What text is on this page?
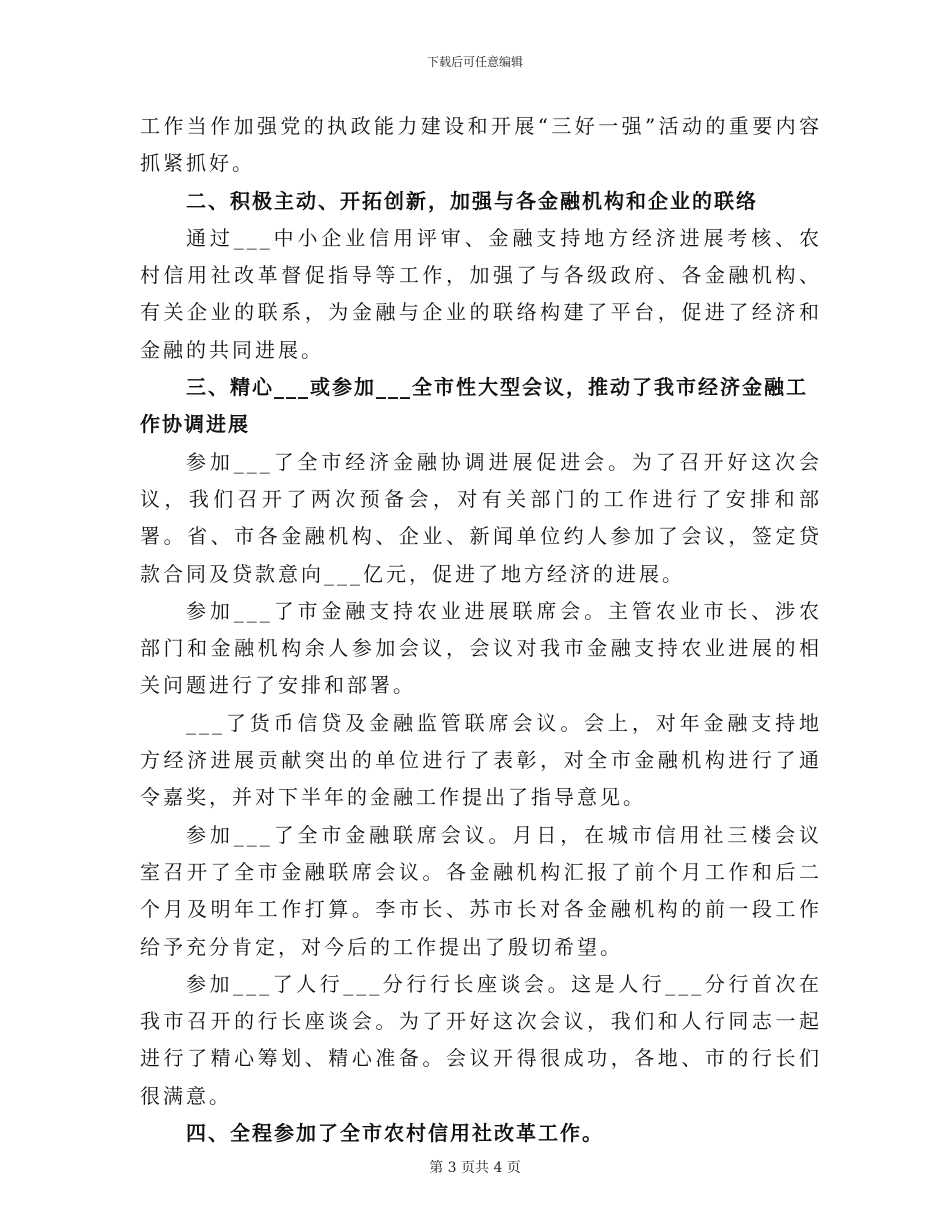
下载后可任意编辑

工作当作加强党的执政能力建设和开展“三好一强”活动的重要内容抓紧抓好。

二、积极主动、开拓创新，加强与各金融机构和企业的联络

通过___中小企业信用评审、金融支持地方经济进展考核、农村信用社改革督促指导等工作，加强了与各级政府、各金融机构、有关企业的联系，为金融与企业的联络构建了平台，促进了经济和金融的共同进展。

三、精心___或参加___全市性大型会议，推动了我市经济金融工作协调进展

参加___了全市经济金融协调进展促进会。为了召开好这次会议，我们召开了两次预备会，对有关部门的工作进行了安排和部署。省、市各金融机构、企业、新闻单位约人参加了会议，签定贷款合同及贷款意向___亿元，促进了地方经济的进展。

参加___了市金融支持农业进展联席会。主管农业市长、涉农部门和金融机构余人参加会议，会议对我市金融支持农业进展的相关问题进行了安排和部署。

___了货币信贷及金融监管联席会议。会上，对年金融支持地方经济进展贡献突出的单位进行了表彰，对全市金融机构进行了通令嘉奖，并对下半年的金融工作提出了指导意见。

参加___了全市金融联席会议。月日，在城市信用社三楼会议室召开了全市金融联席会议。各金融机构汇报了前个月工作和后二个月及明年工作打算。李市长、苏市长对各金融机构的前一段工作给予充分肯定，对今后的工作提出了殷切希望。

参加___了人行___分行行长座谈会。这是人行___分行首次在我市召开的行长座谈会。为了开好这次会议，我们和人行同志一起进行了精心筹划、精心准备。会议开得很成功，各地、市的行长们很满意。

四、全程参加了全市农村信用社改革工作。

第 3 页共 4 页
